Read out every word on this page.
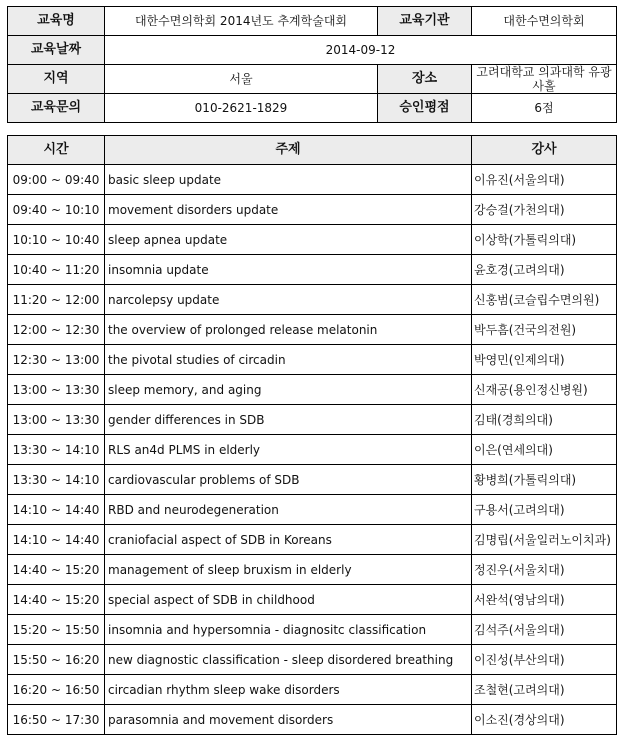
교육명	대한수면의학회 2014년도 추계학술대회	교육기관	대한수면의학회
교육날짜	2014-09-12		
지역	서울	장소	고려대학교 의과대학 유광사홀
교육문의	010-2621-1829	승인평점	6점
시간	주제	강사
09:00 ~ 09:40	basic sleep update	이유진(서울의대)
09:40 ~ 10:10	movement disorders update	강승걸(가천의대)
10:10 ~ 10:40	sleep apnea update	이상학(가톨릭의대)
10:40 ~ 11:20	insomnia update	윤호경(고려의대)
11:20 ~ 12:00	narcolepsy update	신홍범(코슬립수면의원)
12:00 ~ 12:30	the overview of prolonged release melatonin	박두흠(건국의전원)
12:30 ~ 13:00	the pivotal studies of circadin	박영민(인제의대)
13:00 ~ 13:30	sleep memory, and aging	신재공(용인정신병원)
13:00 ~ 13:30	gender differences in SDB	김태(경희의대)
13:30 ~ 14:10	RLS an4d PLMS in elderly	이은(연세의대)
13:30 ~ 14:10	cardiovascular problems of SDB	황병희(가톨릭의대)
14:10 ~ 14:40	RBD and neurodegeneration	구용서(고려의대)
14:10 ~ 14:40	craniofacial aspect of SDB in Koreans	김명립(서울일러노이치과)
14:40 ~ 15:20	management of sleep bruxism in elderly	정진우(서울치대)
14:40 ~ 15:20	special aspect of SDB in childhood	서완석(영남의대)
15:20 ~ 15:50	insomnia and hypersomnia - diagnositc classification	김석주(서울의대)
15:50 ~ 16:20	new diagnostic classification - sleep disordered breathing	이진성(부산의대)
16:20 ~ 16:50	circadian rhythm sleep wake disorders	조철현(고려의대)
16:50 ~ 17:30	parasomnia and movement disorders	이소진(경상의대)
